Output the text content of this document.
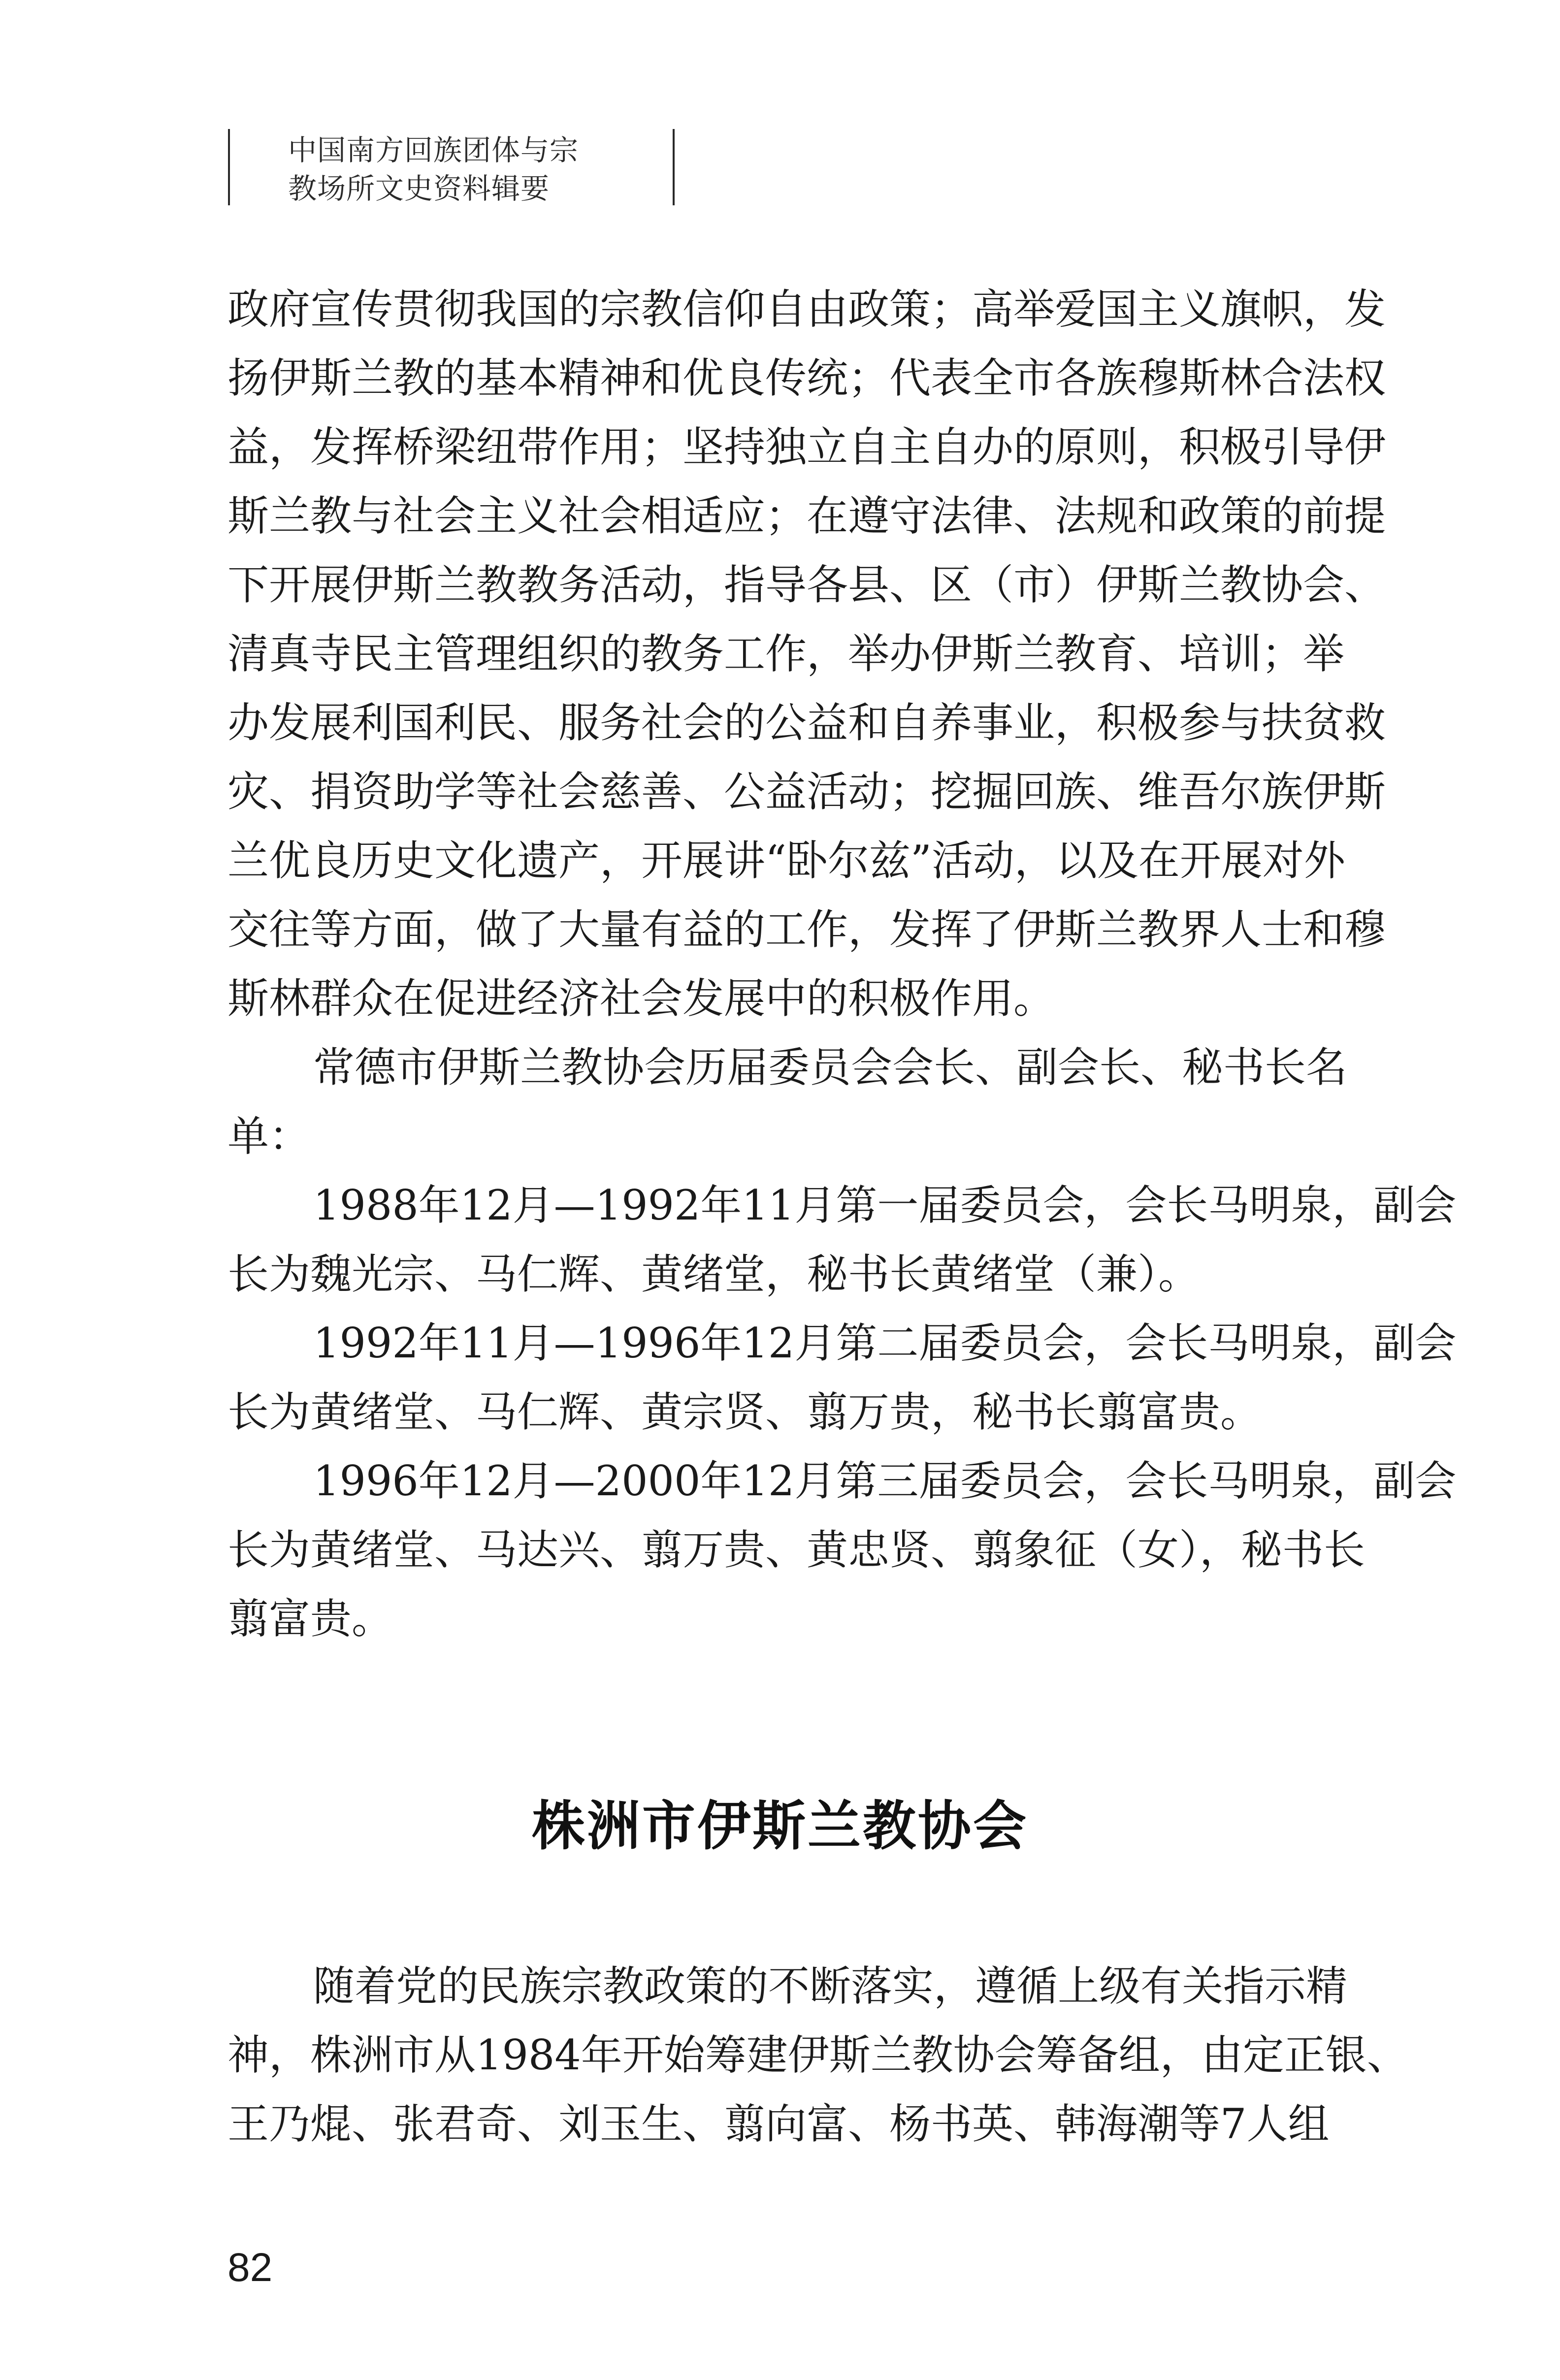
中国南方回族团体与宗
教场所文史资料辑要
政府宣传贯彻我国的宗教信仰自由政策；高举爱国主义旗帜，发
扬伊斯兰教的基本精神和优良传统；代表全市各族穆斯林合法权
益，发挥桥梁纽带作用；坚持独立自主自办的原则，积极引导伊
斯兰教与社会主义社会相适应；在遵守法律、法规和政策的前提
下开展伊斯兰教教务活动，指导各县、区（市）伊斯兰教协会、
清真寺民主管理组织的教务工作，举办伊斯兰教育、培训；举
办发展利国利民、服务社会的公益和自养事业，积极参与扶贫救
灾、捐资助学等社会慈善、公益活动；挖掘回族、维吾尔族伊斯
兰优良历史文化遗产，开展讲“卧尔兹”活动，以及在开展对外
交往等方面，做了大量有益的工作，发挥了伊斯兰教界人士和穆
斯林群众在促进经济社会发展中的积极作用。
常德市伊斯兰教协会历届委员会会长、副会长、秘书长名
单：
1988年12月—1992年11月第一届委员会，会长马明泉，副会
长为魏光宗、马仁辉、黄绪堂，秘书长黄绪堂（兼）。
1992年11月—1996年12月第二届委员会，会长马明泉，副会
长为黄绪堂、马仁辉、黄宗贤、翦万贵，秘书长翦富贵。
1996年12月—2000年12月第三届委员会，会长马明泉，副会
长为黄绪堂、马达兴、翦万贵、黄忠贤、翦象征（女），秘书长
翦富贵。
株洲市伊斯兰教协会
随着党的民族宗教政策的不断落实，遵循上级有关指示精
神，株洲市从1984年开始筹建伊斯兰教协会筹备组，由定正银、
王乃焜、张君奇、刘玉生、翦向富、杨书英、韩海潮等7人组
82
